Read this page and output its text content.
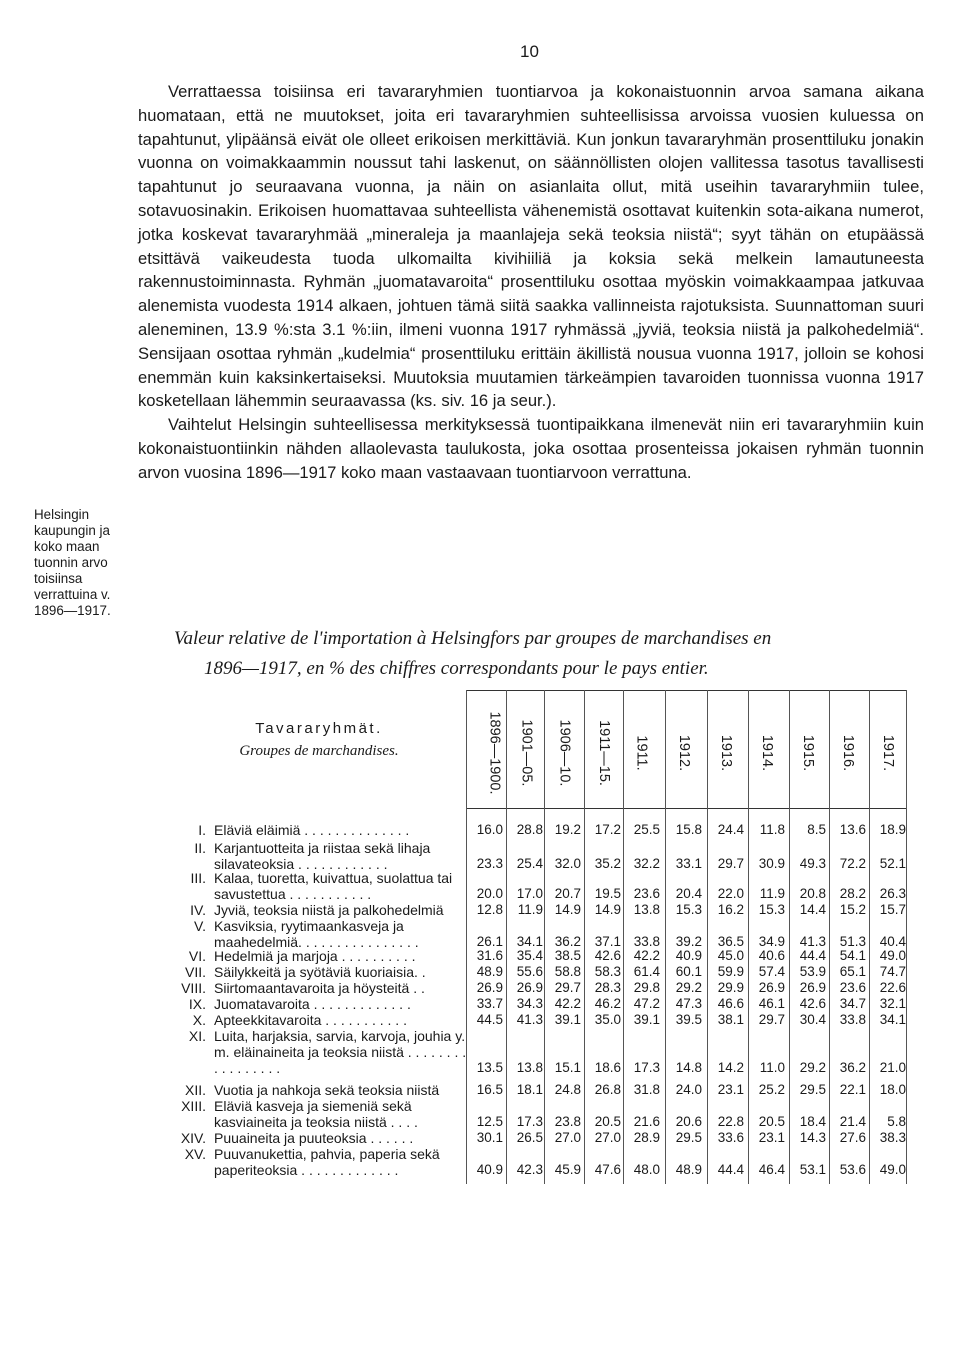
10

Verrattaessa toisiinsa eri tavararyhmien tuontiarvoa ja kokonaistuonnin arvoa samana aikana huomataan, että ne muutokset, joita eri tavararyhmien suhteellisissa arvoissa vuosien kuluessa on tapahtunut, ylipäänsä eivät ole olleet erikoisen merkittäviä. Kun jonkun tavararyhmän prosenttiluku jonakin vuonna on voimakkaammin noussut tahi laskenut, on säännöllisten olojen vallitessa tasotus tavallisesti tapahtunut jo seuraavana vuonna, ja näin on asianlaita ollut, mitä useihin tavararyhmiin tulee, sotavuosinakin. Erikoisen huomattavaa suhteellista vähenemistä osottavat kuitenkin sota-aikana numerot, jotka koskevat tavararyhmää „mineraleja ja maanlajeja sekä teoksia niistä“; syyt tähän on etupäässä etsittävä vaikeudesta tuoda ulkomailta kivihiiliä ja koksia sekä melkein lamautuneesta rakennustoiminnasta. Ryhmän „juomatavaroita“ prosenttiluku osottaa myöskin voimakkaampaa jatkuvaa alenemista vuodesta 1914 alkaen, johtuen tämä siitä saakka vallinneista rajotuksista. Suunnattoman suuri aleneminen, 13.9 %:sta 3.1 %:iin, ilmeni vuonna 1917 ryhmässä „jyviä, teoksia niistä ja palkohedelmiä“. Sensijaan osottaa ryhmän „kudelmia“ prosenttiluku erittäin äkillistä nousua vuonna 1917, jolloin se kohosi enemmän kuin kaksinkertaiseksi. Muutoksia muutamien tärkeämpien tavaroiden tuonnissa vuonna 1917 kosketellaan lähemmin seuraavassa (ks. siv. 16 ja seur.).

Vaihtelut Helsingin suhteellisessa merkityksessä tuontipaikkana ilmenevät niin eri tavararyhmiin kuin kokonaistuontiinkin nähden allaolevasta taulukosta, joka osottaa prosenteissa jokaisen ryhmän tuonnin arvon vuosina 1896—1917 koko maan vastaavaan tuontiarvoon verrattuna.

Helsingin kaupungin ja koko maan tuonnin arvo toisiinsa verrattuina v. 1896—1917.
Valeur relative de l'importation à Helsingfors par groupes de marchandises en
1896—1917, en % des chiffres correspondants pour le pays entier.
Tavararyhmät.
Groupes de marchandises.	1896—1900.	1901—05.	1906—10.	1911—15.	1911.	1912.	1913.	1914.	1915.	1916.	1917.
I. Eläviä eläimiä . . . . . . . . . . . . . .	16.0	28.8 19.2	17.2 25.5	15.8	24.4	11.8	8.5	13.6	18.9
II. Karjantuotteita ja riistaa sekä lihaja silavateoksia . . . . . . . . . . . .	23.3	25.4 32.0	35.2 32.2	33.1	29.7	30.9	49.3	72.2	52.1
III. Kalaa, tuoretta, kuivattua, suolattua tai savustettua . . . . . . . . . . .	20.0	17.0 20.7	19.5 23.6	20.4	22.0	11.9	20.8	28.2	26.3
IV. Jyviä, teoksia niistä ja palkohedelmiä	12.8	11.9 14.9	14.9 13.8	15.3	16.2	15.3	14.4	15.2	15.7
V. Kasviksia, ryytimaankasveja ja maahedelmiä. . . . . . . . . . . . . . . .	26.1	34.1 36.2	37.1 33.8	39.2	36.5	34.9	41.3	51.3	40.4
VI. Hedelmiä ja marjoja . . . . . . . . . .	31.6	35.4 38.5	42.6 42.2	40.9	45.0	40.6	44.4	54.1	49.0
VII. Säilykkeitä ja syötäviä kuoriaisia. .	48.9	55.6 58.8	58.3 61.4	60.1	59.9	57.4	53.9	65.1	74.7
VIII. Siirtomaantavaroita ja höysteitä . .	26.9	26.9 29.7	28.3 29.8	29.2	29.9	26.9	26.9	23.6	22.6
IX. Juomatavaroita . . . . . . . . . . . . .	33.7	34.3 42.2	46.2 47.2	47.3	46.6	46.1	42.6	34.7	32.1
X. Apteekkitavaroita . . . . . . . . . . .	44.5	41.3 39.1	35.0 39.1	39.5	38.1	29.7	30.4	33.8	34.1
XI. Luita, harjaksia, sarvia, karvoja, jouhia y. m. eläinaineita ja teoksia niistä . . . . . . . . . . . . . . . . .	13.5	13.8 15.1	18.6 17.3	14.8	14.2	11.0	29.2	36.2	21.0
XII. Vuotia ja nahkoja sekä teoksia niistä	16.5	18.1 24.8	26.8 31.8	24.0	23.1	25.2	29.5	22.1	18.0
XIII. Eläviä kasveja ja siemeniä sekä kasviaineita ja teoksia niistä . . . .	12.5	17.3 23.8	20.5 21.6	20.6	22.8	20.5	18.4	21.4	5.8
XIV. Puuaineita ja puuteoksia . . . . . .	30.1	26.5 27.0	27.0 28.9	29.5	33.6	23.1	14.3	27.6	38.3
XV. Puuvanukettia, pahvia, paperia sekä paperiteoksia . . . . . . . . . . . . .	40.9	42.3 45.9	47.6 48.0	48.9	44.4	46.4	53.1	53.6	49.0
